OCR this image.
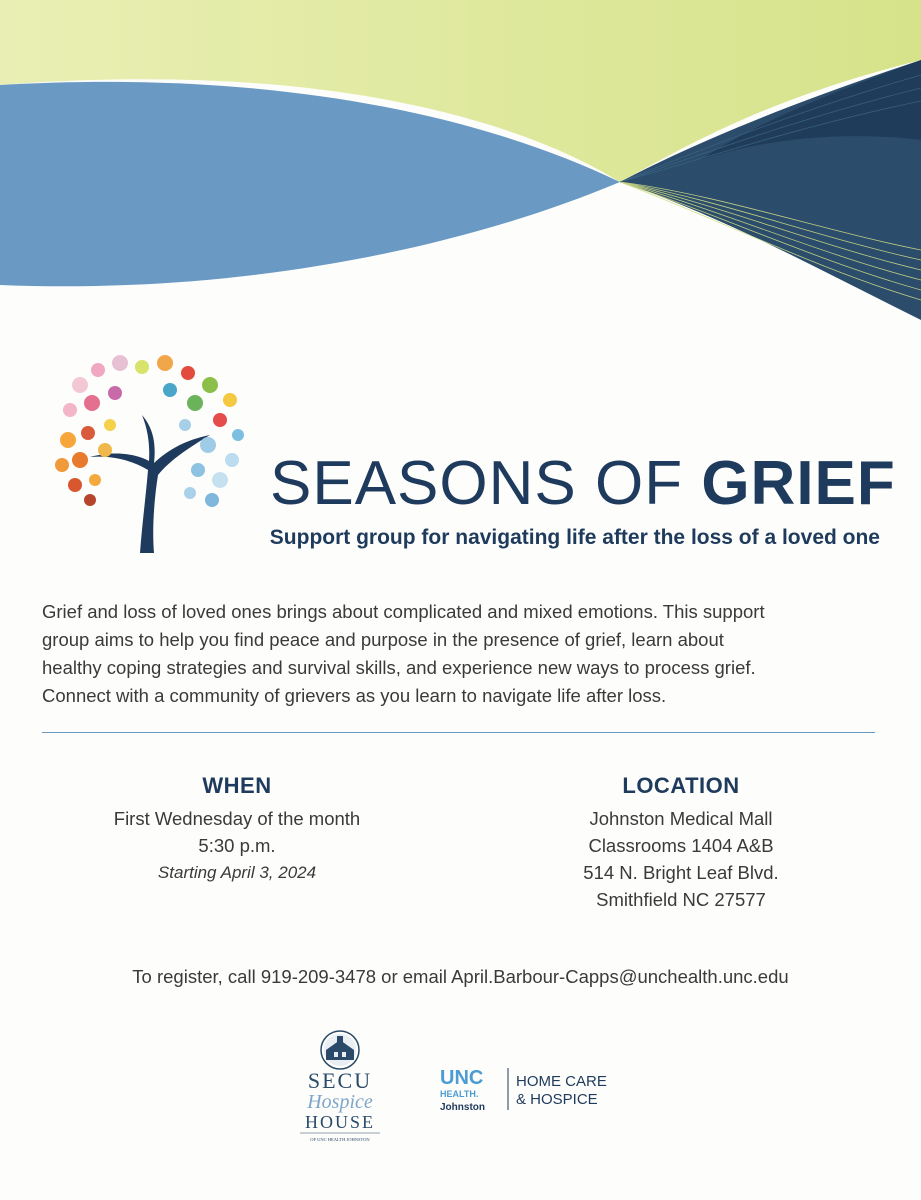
SEASONS OF GRIEF
Support group for navigating life after the loss of a loved one
Grief and loss of loved ones brings about complicated and mixed emotions. This support
group aims to help you find peace and purpose in the presence of grief, learn about
healthy coping strategies and survival skills, and experience new ways to process grief.
Connect with a community of grievers as you learn to navigate life after loss.
WHEN
First Wednesday of the month
5:30 p.m.
Starting April 3, 2024
LOCATION
Johnston Medical Mall
Classrooms 1404 A&B
514 N. Bright Leaf Blvd.
Smithfield NC 27577
To register, call 919-209-3478 or email April.Barbour-Capps@unchealth.unc.edu
SECU
Hospice
HOUSE
OF UNC HEALTH JOHNSTON
UNC
HEALTH.
Johnston
HOME CARE
& HOSPICE
